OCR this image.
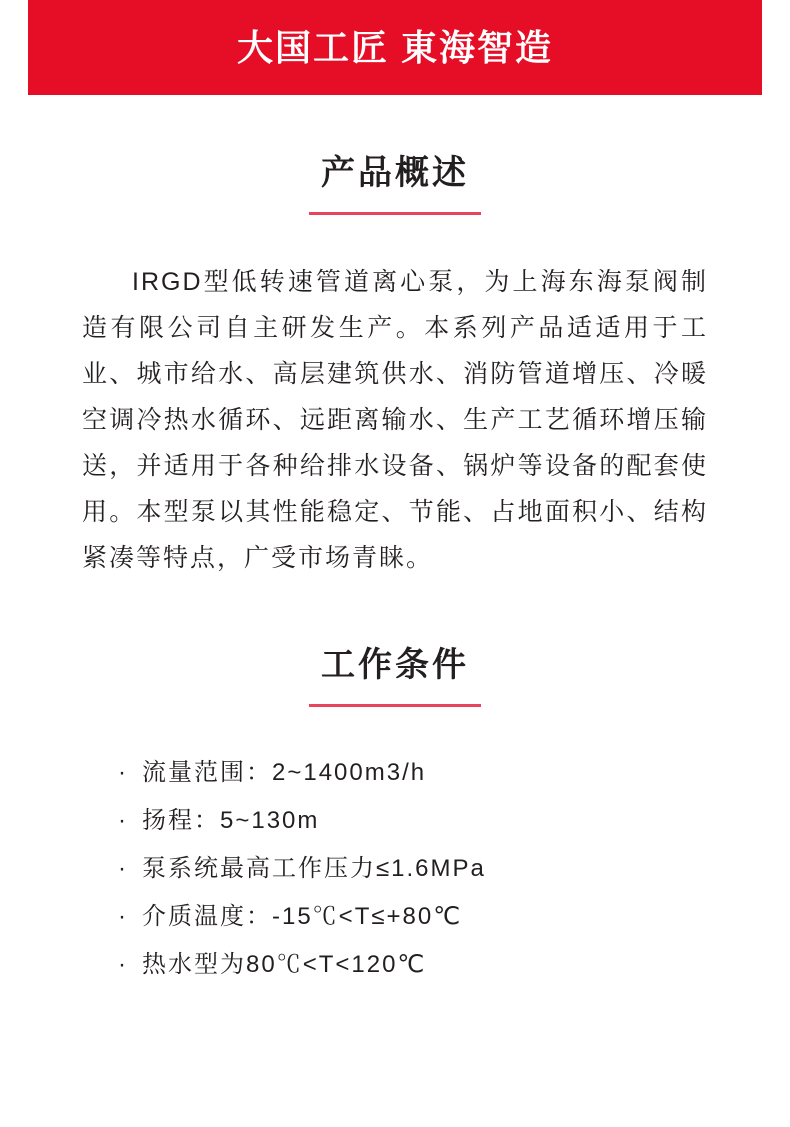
大国工匠 東海智造
产品概述

IRGD型低转速管道离心泵，为上海东海泵阀制造有限公司自主研发生产。本系列产品适适用于工业、城市给水、高层建筑供水、消防管道增压、冷暖空调冷热水循环、远距离输水、生产工艺循环增压输送，并适用于各种给排水设备、锅炉等设备的配套使用。本型泵以其性能稳定、节能、占地面积小、结构紧凑等特点，广受市场青睐。

工作条件
· 流量范围：2~1400m3/h
· 扬程：5~130m
· 泵系统最高工作压力≤1.6MPa
· 介质温度：-15℃<T≤+80℃
· 热水型为80℃<T<120℃
